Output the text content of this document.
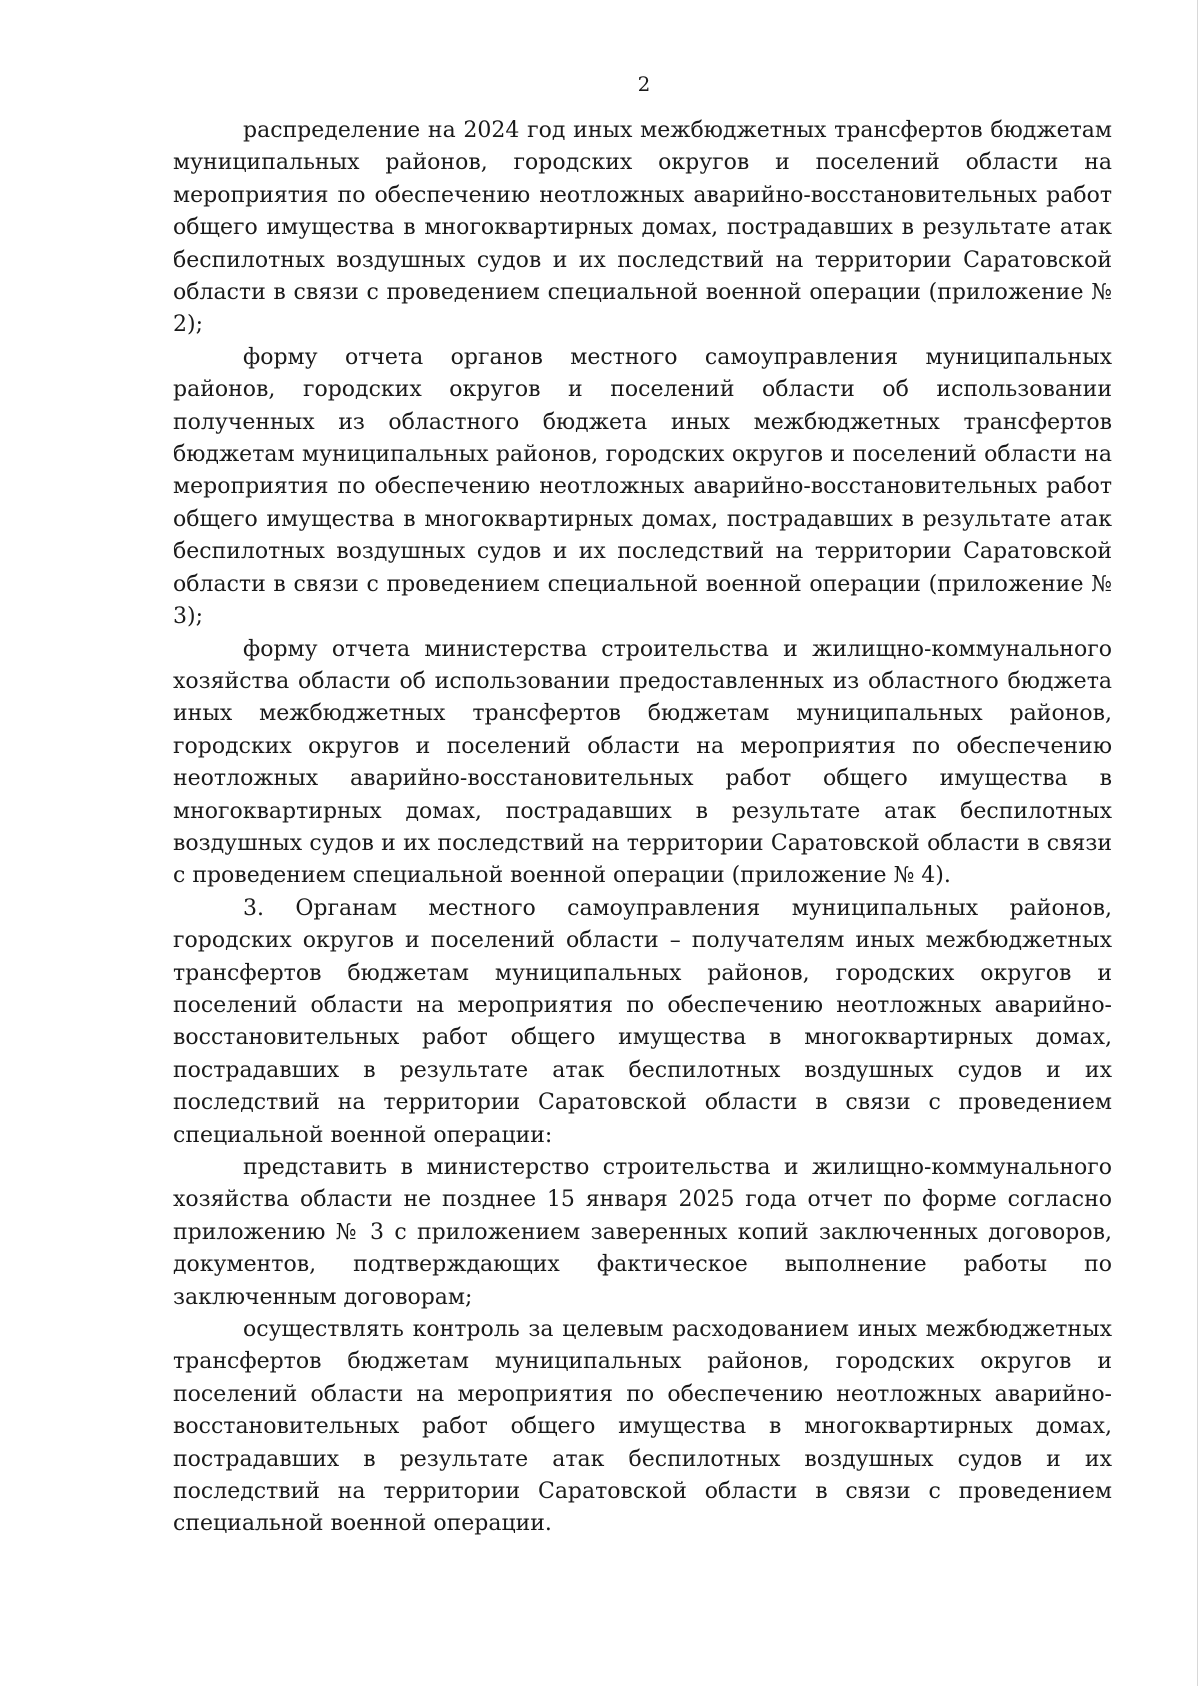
2

распределение на 2024 год иных межбюджетных трансфертов бюджетам муниципальных районов, городских округов и поселений области на мероприятия по обеспечению неотложных аварийно-восстановительных работ общего имущества в многоквартирных домах, пострадавших в результате атак беспилотных воздушных судов и их последствий на территории Саратовской области в связи с проведением специальной военной операции (приложение № 2);

форму отчета органов местного самоуправления муниципальных районов, городских округов и поселений области об использовании полученных из областного бюджета иных межбюджетных трансфертов бюджетам муниципальных районов, городских округов и поселений области на мероприятия по обеспечению неотложных аварийно-восстановительных работ общего имущества в многоквартирных домах, пострадавших в результате атак беспилотных воздушных судов и их последствий на территории Саратовской области в связи с проведением специальной военной операции (приложение № 3);

форму отчета министерства строительства и жилищно-коммунального хозяйства области об использовании предоставленных из областного бюджета иных межбюджетных трансфертов бюджетам муниципальных районов, городских округов и поселений области на мероприятия по обеспечению неотложных аварийно-восстановительных работ общего имущества в многоквартирных домах, пострадавших в результате атак беспилотных воздушных судов и их последствий на территории Саратовской области в связи с проведением специальной военной операции (приложение № 4).

3. Органам местного самоуправления муниципальных районов, городских округов и поселений области – получателям иных межбюджетных трансфертов бюджетам муниципальных районов, городских округов и поселений области на мероприятия по обеспечению неотложных аварийно-восстановительных работ общего имущества в многоквартирных домах, пострадавших в результате атак беспилотных воздушных судов и их последствий на территории Саратовской области в связи с проведением специальной военной операции:

представить в министерство строительства и жилищно-коммунального хозяйства области не позднее 15 января 2025 года отчет по форме согласно приложению № 3 с приложением заверенных копий заключенных договоров, документов, подтверждающих фактическое выполнение работы по заключенным договорам;

осуществлять контроль за целевым расходованием иных межбюджетных трансфертов бюджетам муниципальных районов, городских округов и поселений области на мероприятия по обеспечению неотложных аварийно-восстановительных работ общего имущества в многоквартирных домах, пострадавших в результате атак беспилотных воздушных судов и их последствий на территории Саратовской области в связи с проведением специальной военной операции.
